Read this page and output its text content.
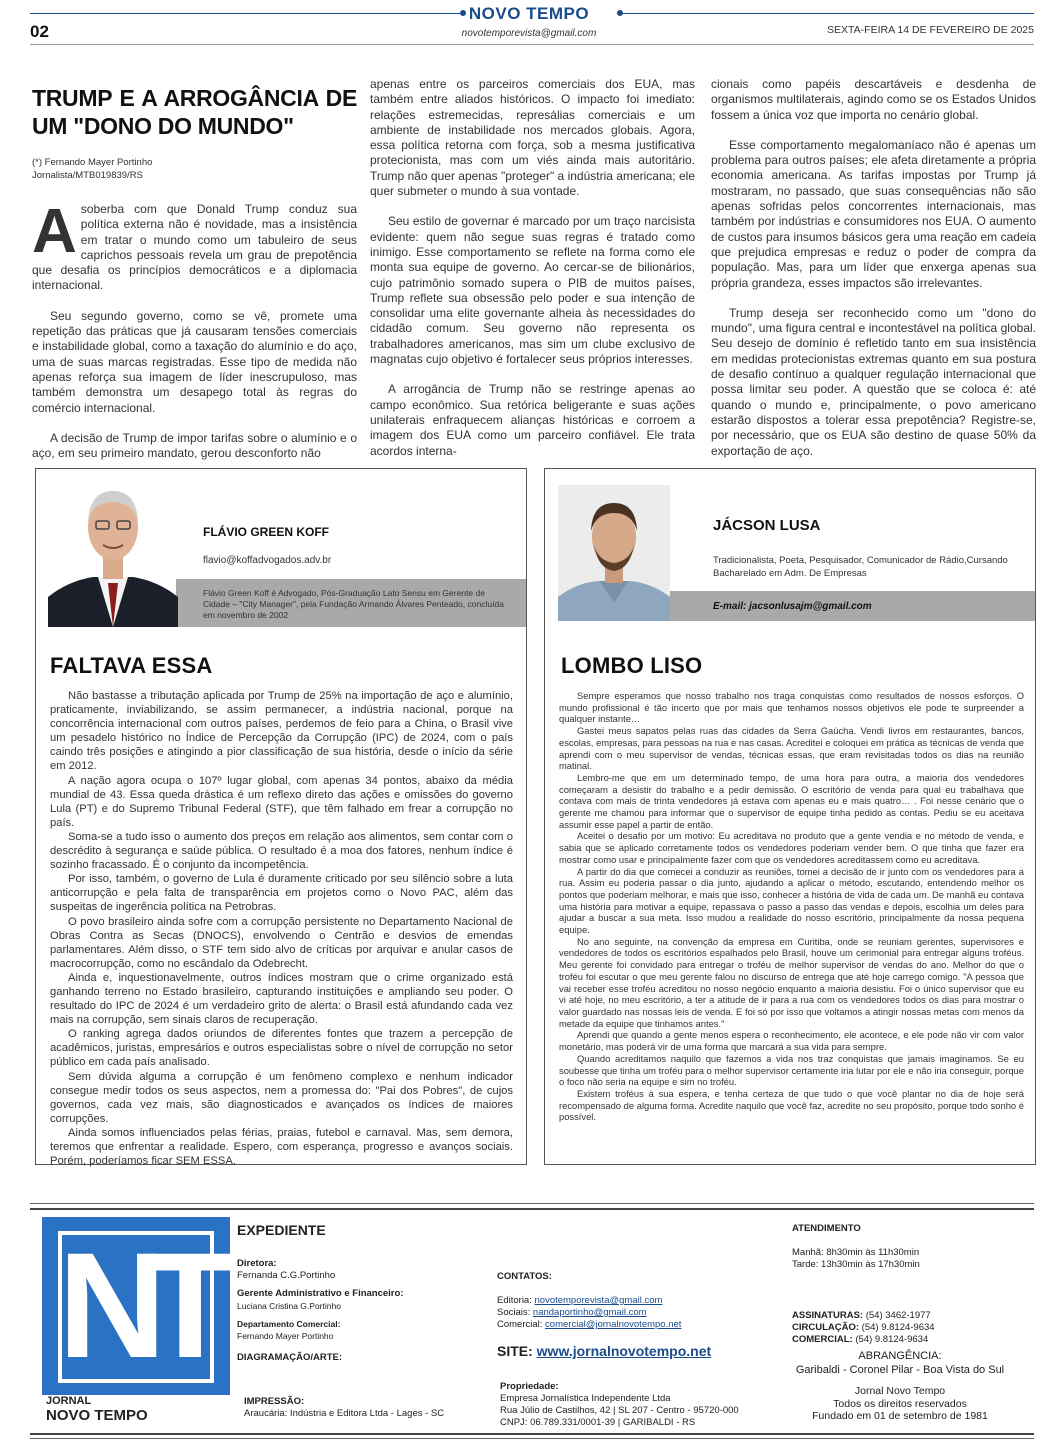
02
NOVO TEMPO
novotemporevista@gmail.com	SEXTA-FEIRA 14 DE FEVEREIRO DE 2025
TRUMP E A ARROGÂNCIA DE UM "DONO DO MUNDO"
(*) Fernando Mayer Portinho
Jornalista/MTB019839/RS

Asoberba com que Donald Trump conduz sua política externa não é novidade, mas a insistência em tratar o mundo como um tabuleiro de seus caprichos pessoais revela um grau de prepotência que desafia os princípios democráticos e a diplomacia internacional.

Seu segundo governo, como se vê, promete uma repetição das práticas que já causaram tensões comerciais e instabilidade global, como a taxação do alumínio e do aço, uma de suas marcas registradas. Esse tipo de medida não apenas reforça sua imagem de líder inescrupuloso, mas também demonstra um desapego total às regras do comércio internacional.

A decisão de Trump de impor tarifas sobre o alumínio e o aço, em seu primeiro mandato, gerou desconforto não

apenas entre os parceiros comerciais dos EUA, mas também entre aliados históricos. O impacto foi imediato: relações estremecidas, represálias comerciais e um ambiente de instabilidade nos mercados globais. Agora, essa política retorna com força, sob a mesma justificativa protecionista, mas com um viés ainda mais autoritário. Trump não quer apenas "proteger" a indústria americana; ele quer submeter o mundo à sua vontade.

Seu estilo de governar é marcado por um traço narcisista evidente: quem não segue suas regras é tratado como inimigo. Esse comportamento se reflete na forma como ele monta sua equipe de governo. Ao cercar-se de bilionários, cujo patrimônio somado supera o PIB de muitos países, Trump reflete sua obsessão pelo poder e sua intenção de consolidar uma elite governante alheia às necessidades do cidadão comum. Seu governo não representa os trabalhadores americanos, mas sim um clube exclusivo de magnatas cujo objetivo é fortalecer seus próprios interesses.

A arrogância de Trump não se restringe apenas ao campo econômico. Sua retórica beligerante e suas ações unilaterais enfraquecem alianças históricas e corroem a imagem dos EUA como um parceiro confiável. Ele trata acordos interna-

cionais como papéis descartáveis e desdenha de organismos multilaterais, agindo como se os Estados Unidos fossem a única voz que importa no cenário global.

Esse comportamento megalomaníaco não é apenas um problema para outros países; ele afeta diretamente a própria economia americana. As tarifas impostas por Trump já mostraram, no passado, que suas consequências não são apenas sofridas pelos concorrentes internacionais, mas também por indústrias e consumidores nos EUA. O aumento de custos para insumos básicos gera uma reação em cadeia que prejudica empresas e reduz o poder de compra da população. Mas, para um líder que enxerga apenas sua própria grandeza, esses impactos são irrelevantes.

Trump deseja ser reconhecido como um "dono do mundo", uma figura central e incontestável na política global. Seu desejo de domínio é refletido tanto em sua insistência em medidas protecionistas extremas quanto em sua postura de desafio contínuo a qualquer regulação internacional que possa limitar seu poder. A questão que se coloca é: até quando o mundo e, principalmente, o povo americano estarão dispostos a tolerar essa prepotência? Registre-se, por necessário, que os EUA são destino de quase 50% da exportação de aço.

FLÁVIO GREEN KOFF
flavio@koffadvogados.adv.br
Flávio Green Koff é Advogado, Pós-Graduação Lato Sensu em Gerente de Cidade – "City Manager", pela Fundação Armando Álvares Penteado, concluída em novembro de 2002
FALTAVA ESSA

Não bastasse a tributação aplicada por Trump de 25% na importação de aço e alumínio, praticamente, inviabilizando, se assim permanecer, a indústria nacional, porque na concorrência internacional com outros países, perdemos de feio para a China, o Brasil vive um pesadelo histórico no Índice de Percepção da Corrupção (IPC) de 2024, com o país caindo três posições e atingindo a pior classificação de sua história, desde o início da série em 2012.

A nação agora ocupa o 107º lugar global, com apenas 34 pontos, abaixo da média mundial de 43. Essa queda drástica é um reflexo direto das ações e omissões do governo Lula (PT) e do Supremo Tribunal Federal (STF), que têm falhado em frear a corrupção no país.

Soma-se a tudo isso o aumento dos preços em relação aos alimentos, sem contar com o descrédito à segurança e saúde pública. O resultado é a moa dos fatores, nenhum índice é sozinho fracassado. É o conjunto da incompetência.

Por isso, também, o governo de Lula é duramente criticado por seu silêncio sobre a luta anticorrupção e pela falta de transparência em projetos como o Novo PAC, além das suspeitas de ingerência política na Petrobras.

O povo brasileiro ainda sofre com a corrupção persistente no Departamento Nacional de Obras Contra as Secas (DNOCS), envolvendo o Centrão e desvios de emendas parlamentares. Além disso, o STF tem sido alvo de críticas por arquivar e anular casos de macrocorrupção, como no escândalo da Odebrecht.

Ainda e, inquestionavelmente, outros índices mostram que o crime organizado está ganhando terreno no Estado brasileiro, capturando instituições e ampliando seu poder. O resultado do IPC de 2024 é um verdadeiro grito de alerta: o Brasil está afundando cada vez mais na corrupção, sem sinais claros de recuperação.

O ranking agrega dados oriundos de diferentes fontes que trazem a percepção de acadêmicos, juristas, empresários e outros especialistas sobre o nível de corrupção no setor público em cada país analisado.

Sem dúvida alguma a corrupção é um fenômeno complexo e nenhum indicador consegue medir todos os seus aspectos, nem a promessa do: "Pai dos Pobres", de cujos governos, cada vez mais, são diagnosticados e avançados os índices de maiores corrupções.

Ainda somos influenciados pelas férias, praias, futebol e carnaval. Mas, sem demora, teremos que enfrentar a realidade. Espero, com esperança, progresso e avanços sociais. Porém, poderíamos ficar SEM ESSA.

JÁCSON LUSA
Tradicionalista, Poeta, Pesquisador, Comunicador de Rádio,Cursando Bacharelado em Adm. De Empresas
E-mail: jacsonlusajm@gmail.com
LOMBO LISO

Sempre esperamos que nosso trabalho nos traga conquistas como resultados de nossos esforços. O mundo profissional é tão incerto que por mais que tenhamos nossos objetivos ele pode te surpreender a qualquer instante…

Gastei meus sapatos pelas ruas das cidades da Serra Gaúcha. Vendi livros em restaurantes, bancos, escolas, empresas, para pessoas na rua e nas casas. Acreditei e coloquei em prática as técnicas de venda que aprendi com o meu supervisor de vendas, técnicas essas, que eram revisitadas todos os dias na reunião matinal.

Lembro-me que em um determinado tempo, de uma hora para outra, a maioria dos vendedores começaram a desistir do trabalho e a pedir demissão. O escritório de venda para qual eu trabalhava que contava com mais de trinta vendedores já estava com apenas eu e mais quatro… . Foi nesse cenário que o gerente me chamou para informar que o supervisor de equipe tinha pedido as contas. Pediu se eu aceitava assumir esse papel a partir de então.

Aceitei o desafio por um motivo: Eu acreditava no produto que a gente vendia e no método de venda, e sabia que se aplicado corretamente todos os vendedores poderiam vender bem. O que tinha que fazer era mostrar como usar e principalmente fazer com que os vendedores acreditassem como eu acreditava.

A partir do dia que comecei a conduzir as reuniões, tomei a decisão de ir junto com os vendedores para a rua. Assim eu poderia passar o dia junto, ajudando a aplicar o método, escutando, entendendo melhor os pontos que poderiam melhorar, e mais que isso, conhecer a história de vida de cada um. De manhã eu contava uma história para motivar a equipe, repassava o passo a passo das vendas e depois, escolhia um deles para ajudar a buscar a sua meta. Isso mudou a realidade do nosso escritório, principalmente da nossa pequena equipe.

No ano seguinte, na convenção da empresa em Curitiba, onde se reuniam gerentes, supervisores e vendedores de todos os escritórios espalhados pelo Brasil, houve um cerimonial para entregar alguns troféus. Meu gerente foi convidado para entregar o troféu de melhor supervisor de vendas do ano. Melhor do que o troféu foi escutar o que meu gerente falou no discurso de entrega que até hoje carrego comigo. "A pessoa que vai receber esse troféu acreditou no nosso negócio enquanto a maioria desistiu. Foi o único supervisor que eu vi até hoje, no meu escritório, a ter a atitude de ir para a rua com os vendedores todos os dias para mostrar o valor guardado nas nossas leis de venda. E foi só por isso que voltamos a atingir nossas metas com menos da metade da equipe que tinhamos antes."

Aprendi que quando a gente menos espera o reconhecimento, ele acontece, e ele pode não vir com valor monetário, mas poderá vir de uma forma que marcará a sua vida para sempre.

Quando acreditamos naquilo que fazemos a vida nos traz conquistas que jamais imaginamos. Se eu soubesse que tinha um troféu para o melhor supervisor certamente iria lutar por ele e não iria conseguir, porque o foco não seria na equipe e sim no troféu.

Existem troféus à sua espera, e tenha certeza de que tudo o que você plantar no dia de hoje será recompensado de alguma forma. Acredite naquilo que você faz, acredite no seu propósito, porque todo sonho é possível.

NT
JORNAL
NOVO TEMPO
EXPEDIENTE
Diretora:
Fernanda C.G.Portinho
Gerente Administrativo e Financeiro:
Luciana Cristina G.Portinho
Departamento Comercial:
Fernando Mayer Portinho
DIAGRAMAÇÃO/ARTE:
IMPRESSÃO:
Araucária: Indústria e Editora Ltda - Lages - SC
CONTATOS:
Editoria: novotemporevista@gmail.com
Sociais: nandaportinho@gmail.com
Comercial: comercial@jornalnovotempo.net
SITE: www.jornalnovotempo.net
Propriedade:
Empresa Jornalística Independente Ltda
Rua Júlio de Castilhos, 42 | SL 207 - Centro - 95720-000
CNPJ: 06.789.331/0001-39 | GARIBALDI - RS
ATENDIMENTO
Manhã: 8h30min às 11h30min
Tarde: 13h30min às 17h30min
ASSINATURAS: (54) 3462-1977
CIRCULAÇÃO: (54) 9.8124-9634
COMERCIAL: (54) 9.8124-9634
ABRANGÊNCIA:
Garibaldi - Coronel Pilar - Boa Vista do Sul
Jornal Novo Tempo
Todos os direitos reservados
Fundado em 01 de setembro de 1981
